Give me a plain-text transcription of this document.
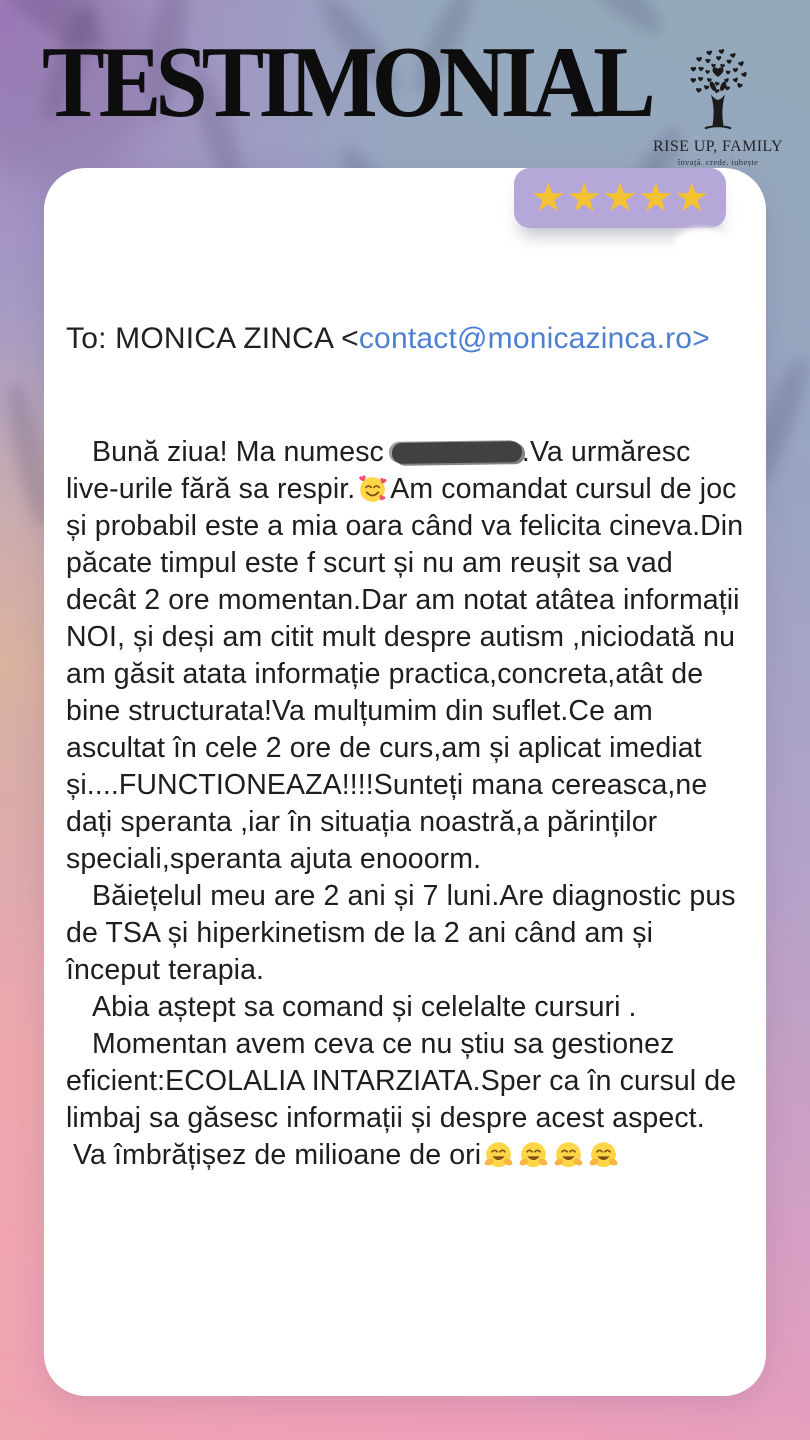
TESTIMONIAL
RISE UP, FAMILY
învață. crede. iubește
★★★★★
To: MONICA ZINCA <contact@monicazinca.ro>

Bună ziua! Ma numesc	.Va urmăresc live-urile fără sa respir. Am comandat cursul de joc și probabil este a mia oara când va felicita cineva.Din păcate timpul este f scurt și nu am reușit sa vad decât 2 ore momentan.Dar am notat atâtea informații NOI, și deși am citit mult despre autism ,niciodată nu am găsit atata informație practica,concreta,atât de bine structurata!Va mulțumim din suflet.Ce am ascultat în cele 2 ore de curs,am și aplicat imediat și....FUNCTIONEAZA!!!!Sunteți mana cereasca,ne dați speranta ,iar în situația noastră,a părinților speciali,speranta ajuta enooorm.

Băiețelul meu are 2 ani și 7 luni.Are diagnostic pus de TSA și hiperkinetism de la 2 ani când am și început terapia.

Abia aștept sa comand și celelalte cursuri .

Momentan avem ceva ce nu știu sa gestionez eficient:ECOLALIA INTARZIATA.Sper ca în cursul de limbaj sa găsesc informații și despre acest aspect.

Va îmbrățișez de milioane de ori
